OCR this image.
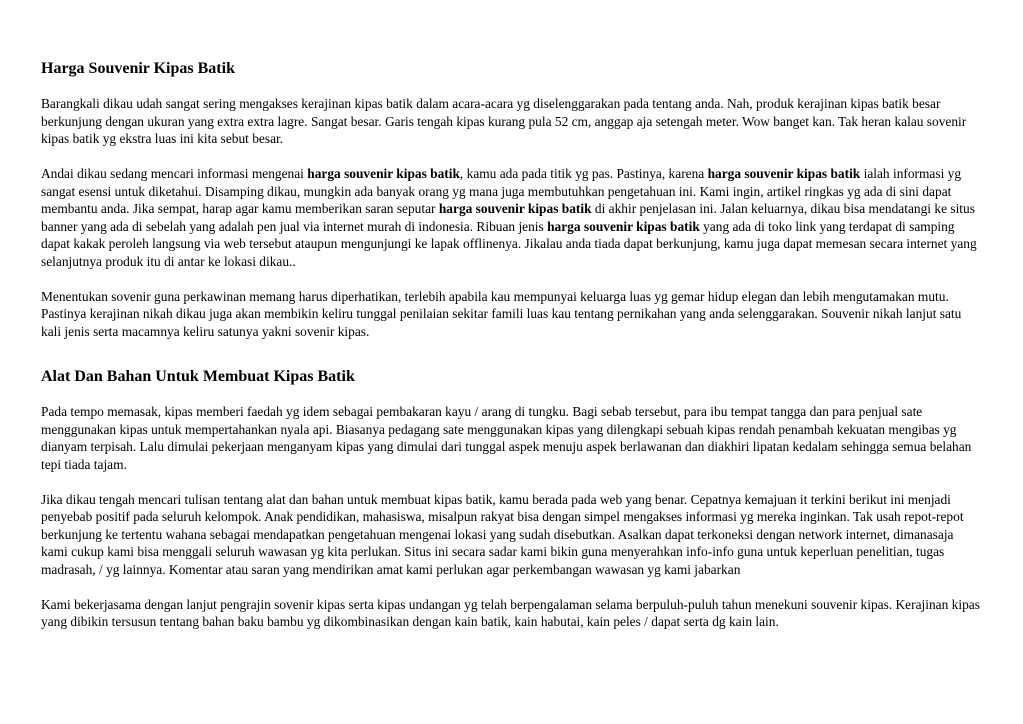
Harga Souvenir Kipas Batik

Barangkali dikau udah sangat sering mengakses kerajinan kipas batik dalam acara-acara yg diselenggarakan pada tentang anda. Nah, produk kerajinan kipas batik besar berkunjung dengan ukuran yang extra extra lagre. Sangat besar. Garis tengah kipas kurang pula 52 cm, anggap aja setengah meter. Wow banget kan. Tak heran kalau sovenir kipas batik yg ekstra luas ini kita sebut besar.

Andai dikau sedang mencari informasi mengenai harga souvenir kipas batik, kamu ada pada titik yg pas. Pastinya, karena harga souvenir kipas batik ialah informasi yg sangat esensi untuk diketahui. Disamping dikau, mungkin ada banyak orang yg mana juga membutuhkan pengetahuan ini. Kami ingin, artikel ringkas yg ada di sini dapat membantu anda. Jika sempat, harap agar kamu memberikan saran seputar harga souvenir kipas batik di akhir penjelasan ini. Jalan keluarnya, dikau bisa mendatangi ke situs banner yang ada di sebelah yang adalah pen jual via internet murah di indonesia. Ribuan jenis harga souvenir kipas batik yang ada di toko link yang terdapat di samping dapat kakak peroleh langsung via web tersebut ataupun mengunjungi ke lapak offlinenya. Jikalau anda tiada dapat berkunjung, kamu juga dapat memesan secara internet yang selanjutnya produk itu di antar ke lokasi dikau..

Menentukan sovenir guna perkawinan memang harus diperhatikan, terlebih apabila kau mempunyai keluarga luas yg gemar hidup elegan dan lebih mengutamakan mutu. Pastinya kerajinan nikah dikau juga akan membikin keliru tunggal penilaian sekitar famili luas kau tentang pernikahan yang anda selenggarakan. Souvenir nikah lanjut satu kali jenis serta macamnya keliru satunya yakni sovenir kipas.

Alat Dan Bahan Untuk Membuat Kipas Batik

Pada tempo memasak, kipas memberi faedah yg idem sebagai pembakaran kayu / arang di tungku. Bagi sebab tersebut, para ibu tempat tangga dan para penjual sate menggunakan kipas untuk mempertahankan nyala api. Biasanya pedagang sate menggunakan kipas yang dilengkapi sebuah kipas rendah penambah kekuatan mengibas yg dianyam terpisah. Lalu dimulai pekerjaan menganyam kipas yang dimulai dari tunggal aspek menuju aspek berlawanan dan diakhiri lipatan kedalam sehingga semua belahan tepi tiada tajam.

Jika dikau tengah mencari tulisan tentang alat dan bahan untuk membuat kipas batik, kamu berada pada web yang benar. Cepatnya kemajuan it terkini berikut ini menjadi penyebab positif pada seluruh kelompok. Anak pendidikan, mahasiswa, misalpun rakyat bisa dengan simpel mengakses informasi yg mereka inginkan. Tak usah repot-repot berkunjung ke tertentu wahana sebagai mendapatkan pengetahuan mengenai lokasi yang sudah disebutkan. Asalkan dapat terkoneksi dengan network internet, dimanasaja kami cukup kami bisa menggali seluruh wawasan yg kita perlukan. Situs ini secara sadar kami bikin guna menyerahkan info-info guna untuk keperluan penelitian, tugas madrasah, / yg lainnya. Komentar atau saran yang mendirikan amat kami perlukan agar perkembangan wawasan yg kami jabarkan

Kami bekerjasama dengan lanjut pengrajin sovenir kipas serta kipas undangan yg telah berpengalaman selama berpuluh-puluh tahun menekuni souvenir kipas. Kerajinan kipas yang dibikin tersusun tentang bahan baku bambu yg dikombinasikan dengan kain batik, kain habutai, kain peles / dapat serta dg kain lain.
